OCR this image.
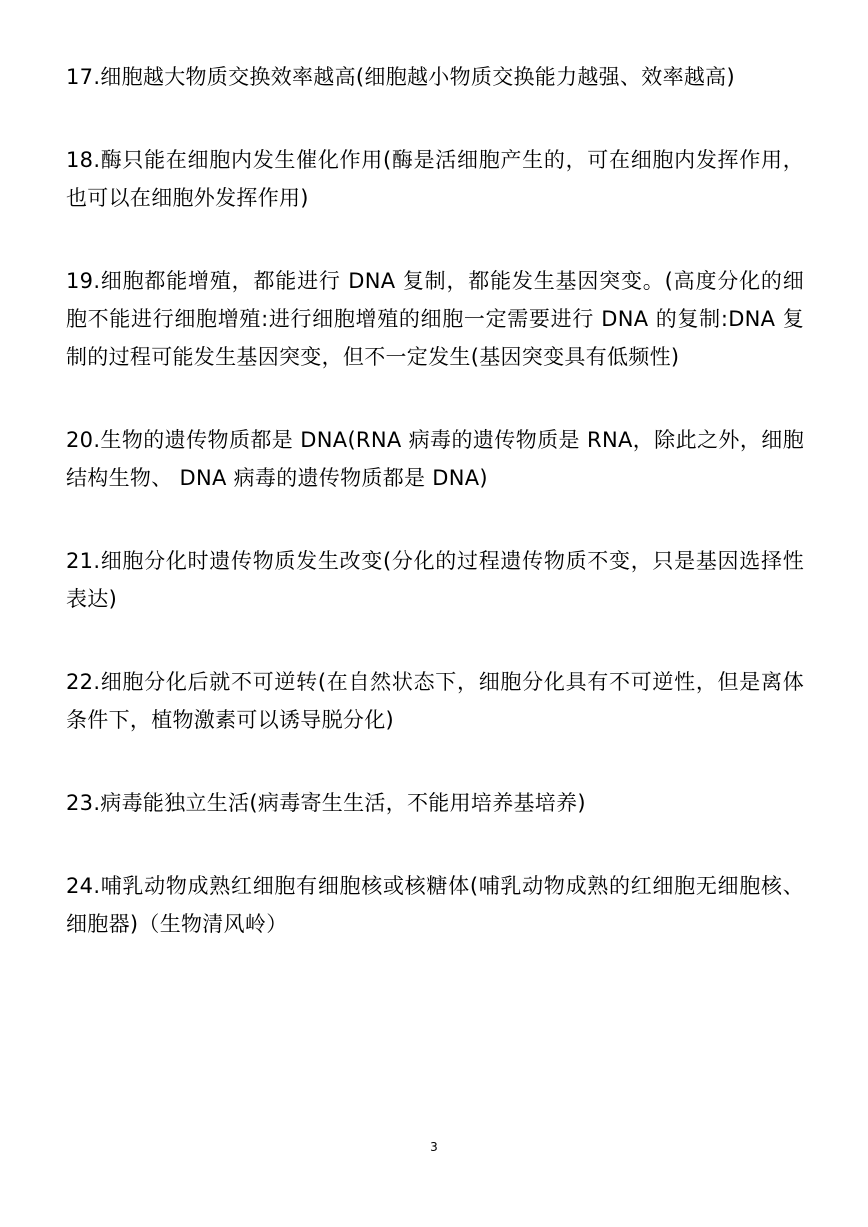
17.细胞越大物质交换效率越高(细胞越小物质交换能力越强、效率越高)

18.酶只能在细胞内发生催化作用(酶是活细胞产生的，可在细胞内发挥作用，也可以在细胞外发挥作用)

19.细胞都能增殖，都能进行 DNA 复制，都能发生基因突变。(高度分化的细胞不能进行细胞增殖:进行细胞增殖的细胞一定需要进行 DNA 的复制:DNA 复制的过程可能发生基因突变，但不一定发生(基因突变具有低频性)

20.生物的遗传物质都是 DNA(RNA 病毒的遗传物质是 RNA，除此之外，细胞结构生物、 DNA 病毒的遗传物质都是 DNA)

21.细胞分化时遗传物质发生改变(分化的过程遗传物质不变，只是基因选择性表达)

22.细胞分化后就不可逆转(在自然状态下，细胞分化具有不可逆性，但是离体条件下，植物激素可以诱导脱分化)

23.病毒能独立生活(病毒寄生生活，不能用培养基培养)

24.哺乳动物成熟红细胞有细胞核或核糖体(哺乳动物成熟的红细胞无细胞核、细胞器)（生物清风岭）

3
